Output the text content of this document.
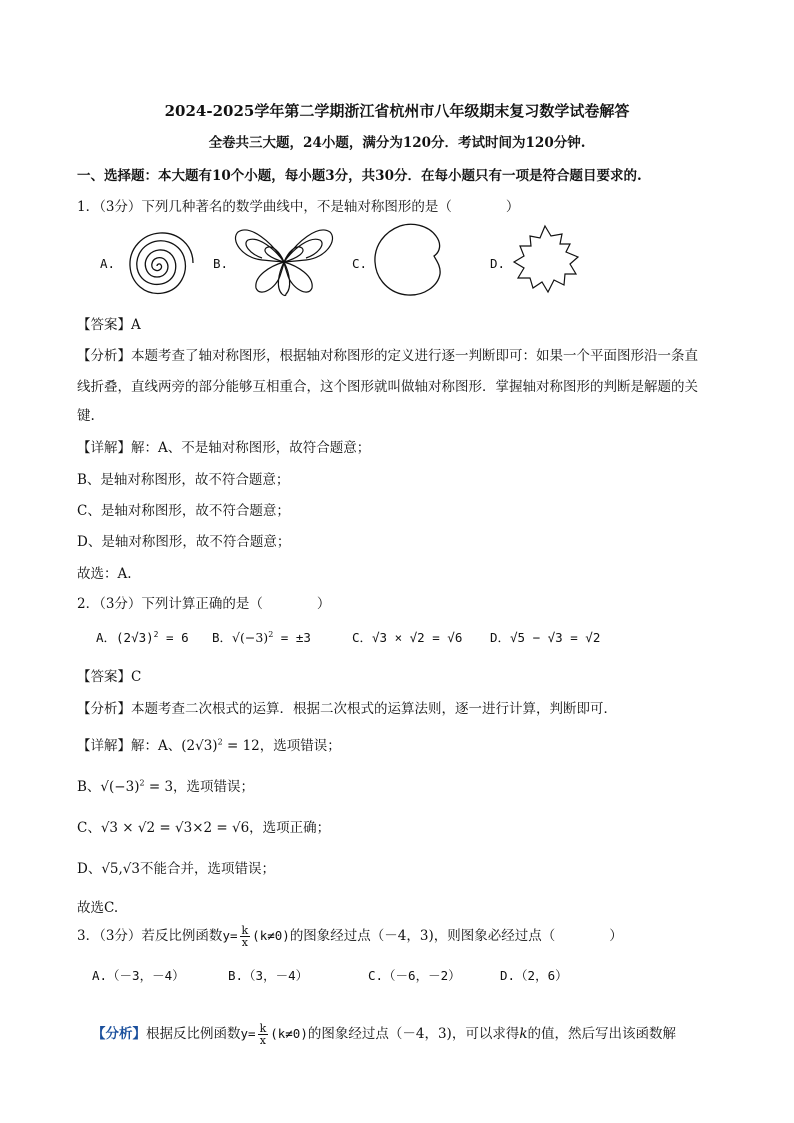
2024-2025学年第二学期浙江省杭州市八年级期末复习数学试卷解答
全卷共三大题，24小题，满分为120分．考试时间为120分钟.
一、选择题：本大题有10个小题，每小题3分，共30分．在每小题只有一项是符合题目要求的.
1．（3分）下列几种著名的数学曲线中，不是轴对称图形的是（　　　　）
A.	B.	C.	D.
【答案】A
【分析】本题考查了轴对称图形，根据轴对称图形的定义进行逐一判断即可：如果一个平面图形沿一条直
线折叠，直线两旁的部分能够互相重合，这个图形就叫做轴对称图形．掌握轴对称图形的判断是解题的关
键.
【详解】解：A、不是轴对称图形，故符合题意；
B、是轴对称图形，故不符合题意；
C、是轴对称图形，故不符合题意；
D、是轴对称图形，故不符合题意；
故选：A.
2．（3分）下列计算正确的是（　　　　）
A．$(2√3)^2 = 6$ B．$√(-3)^2 = \pm 3$	C．√3 × √2 = √6 D．√5 − √3 = √2
【答案】C
【分析】本题考查二次根式的运算．根据二次根式的运算法则，逐一进行计算，判断即可．
【详解】解：A、$(2√3)^2 = 12$，选项错误；
B、$√(-3)^2 = 3$，选项错误；
C、√3 × √2 = √3×2 = √6，选项正确；
D、√5,√3不能合并，选项错误；
故选C.
3．（3分）若反比例函数$y= \frac{k}{x} (k\ne 0)$的图象经过点（－4，3)，则图象必经过点（　　　　）
A.（－3，－4）	B.（3，－4）	C.（－6，－2）	D.（2，6）
【分析】根据反比例函数$y= \frac{k}{x} (k\ne 0)$的图象经过点（－4，3)，可以求得k的值，然后写出该函数解
